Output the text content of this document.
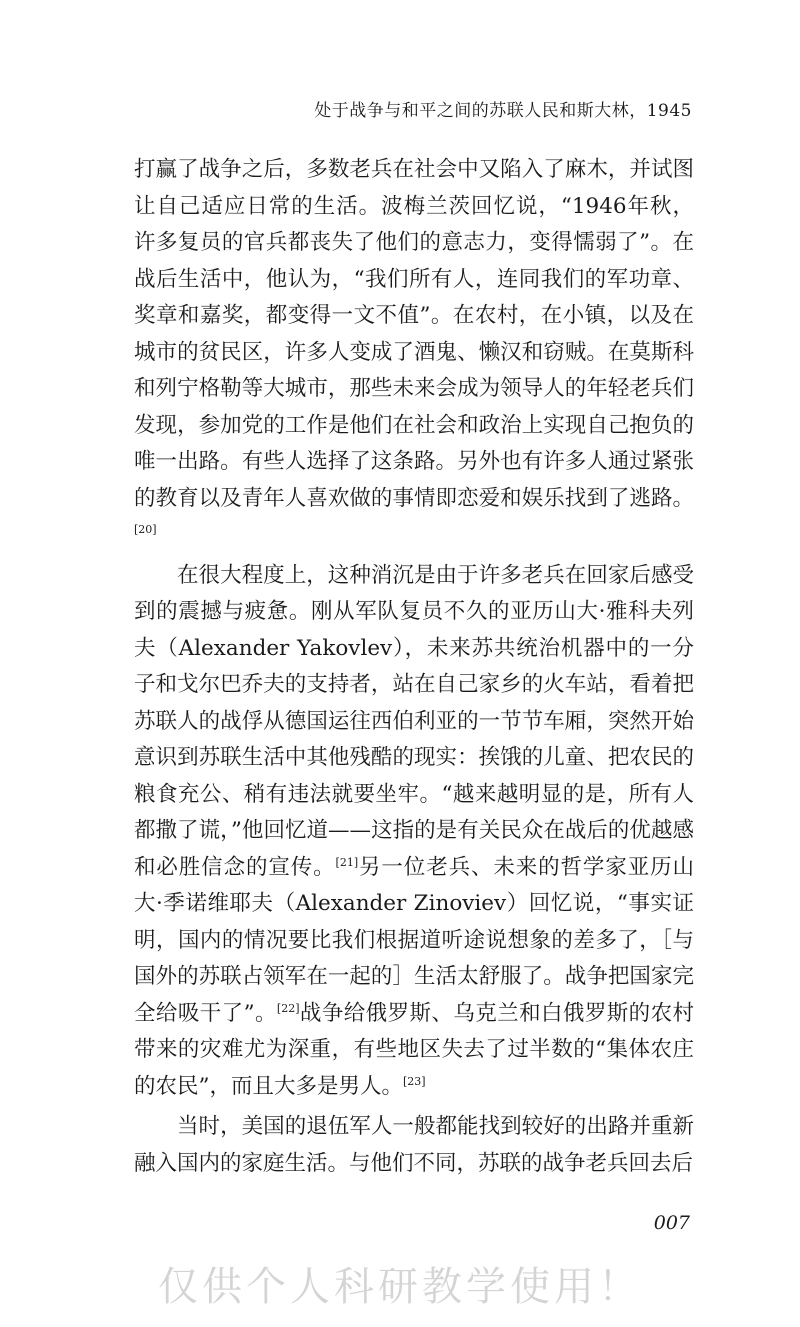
处于战争与和平之间的苏联人民和斯大林，1945

打赢了战争之后，多数老兵在社会中又陷入了麻木，并试图让自己适应日常的生活。波梅兰茨回忆说，“1946年秋，许多复员的官兵都丧失了他们的意志力，变得懦弱了”。在战后生活中，他认为，“我们所有人，连同我们的军功章、奖章和嘉奖，都变得一文不值”。在农村，在小镇，以及在城市的贫民区，许多人变成了酒鬼、懒汉和窃贼。在莫斯科和列宁格勒等大城市，那些未来会成为领导人的年轻老兵们发现，参加党的工作是他们在社会和政治上实现自己抱负的唯一出路。有些人选择了这条路。另外也有许多人通过紧张的教育以及青年人喜欢做的事情即恋爱和娱乐找到了逃路。[20]

在很大程度上，这种消沉是由于许多老兵在回家后感受到的震撼与疲惫。刚从军队复员不久的亚历山大·雅科夫列夫（Alexander Yakovlev），未来苏共统治机器中的一分子和戈尔巴乔夫的支持者，站在自己家乡的火车站，看着把苏联人的战俘从德国运往西伯利亚的一节节车厢，突然开始意识到苏联生活中其他残酷的现实：挨饿的儿童、把农民的粮食充公、稍有违法就要坐牢。“越来越明显的是，所有人都撒了谎，”他回忆道——这指的是有关民众在战后的优越感和必胜信念的宣传。[21]另一位老兵、未来的哲学家亚历山大·季诺维耶夫（Alexander Zinoviev）回忆说，“事实证明，国内的情况要比我们根据道听途说想象的差多了，［与国外的苏联占领军在一起的］生活太舒服了。战争把国家完全给吸干了”。[22]战争给俄罗斯、乌克兰和白俄罗斯的农村带来的灾难尤为深重，有些地区失去了过半数的“集体农庄的农民”，而且大多是男人。[23]

当时，美国的退伍军人一般都能找到较好的出路并重新融入国内的家庭生活。与他们不同，苏联的战争老兵回去后

007
仅供个人科研教学使用！
